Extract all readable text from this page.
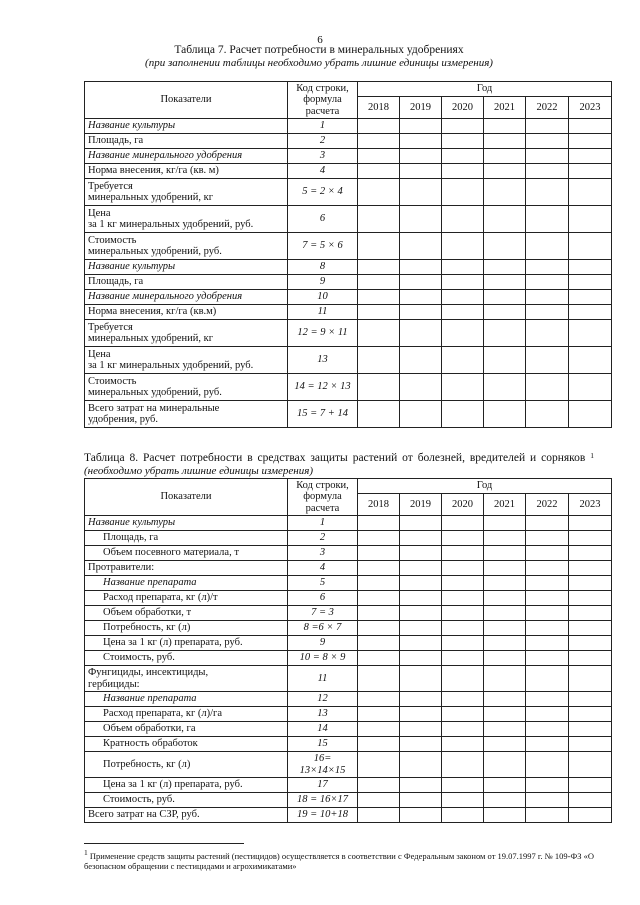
6
Таблица 7. Расчет потребности в минеральных удобрениях
(при заполнении таблицы необходимо убрать лишние единицы измерения)
Показатели	Код строки,
формула
расчета	Год					
		2018	2019	2020	2021	2022	2023
Название культуры	1						
Площадь, га	2						
Название минерального удобрения	3						
Норма внесения, кг/га (кв. м)	4						
Требуется
минеральных удобрений, кг	5 = 2 × 4						
Цена
за 1 кг минеральных удобрений, руб.	6						
Стоимость
минеральных удобрений, руб.	7 = 5 × 6						
Название культуры	8						
Площадь, га	9						
Название минерального удобрения	10						
Норма внесения, кг/га (кв.м)	11						
Требуется
минеральных удобрений, кг	12 = 9 × 11						
Цена
за 1 кг минеральных удобрений, руб.	13						
Стоимость
минеральных удобрений, руб.	14 = 12 × 13						
Всего затрат на минеральные
удобрения, руб.	15 = 7 + 14						
Таблица 8. Расчет потребности в средствах защиты растений от болезней, вредителей и сорняков $^1$ (необходимо убрать лишние единицы измерения)
Показатели	Код строки,
формула
расчета	Год					
		2018	2019	2020	2021	2022	2023
Название культуры	1						
Площадь, га	2						
Объем посевного материала, т	3						
Протравители:	4						
Название препарата	5						
Расход препарата, кг (л)/т	6						
Объем обработки, т	7 = 3						
Потребность, кг (л)	8 =6 × 7						
Цена за 1 кг (л) препарата, руб.	9						
Стоимость, руб.	10 = 8 × 9						
Фунгициды, инсектициды,
гербициды:	11						
Название препарата	12						
Расход препарата, кг (л)/га	13						
Объем обработки, га	14						
Кратность обработок	15						
Потребность, кг (л)	16=
13×14×15						
Цена за 1 кг (л) препарата, руб.	17						
Стоимость, руб.	18 = 16×17						
Всего затрат на СЗР, руб.	19 = 10+18						
$^1$ Применение средств защиты растений (пестицидов) осуществляется в соответствии с Федеральным законом от 19.07.1997 г. № 109-ФЗ «О безопасном обращении с пестицидами и агрохимикатами»
